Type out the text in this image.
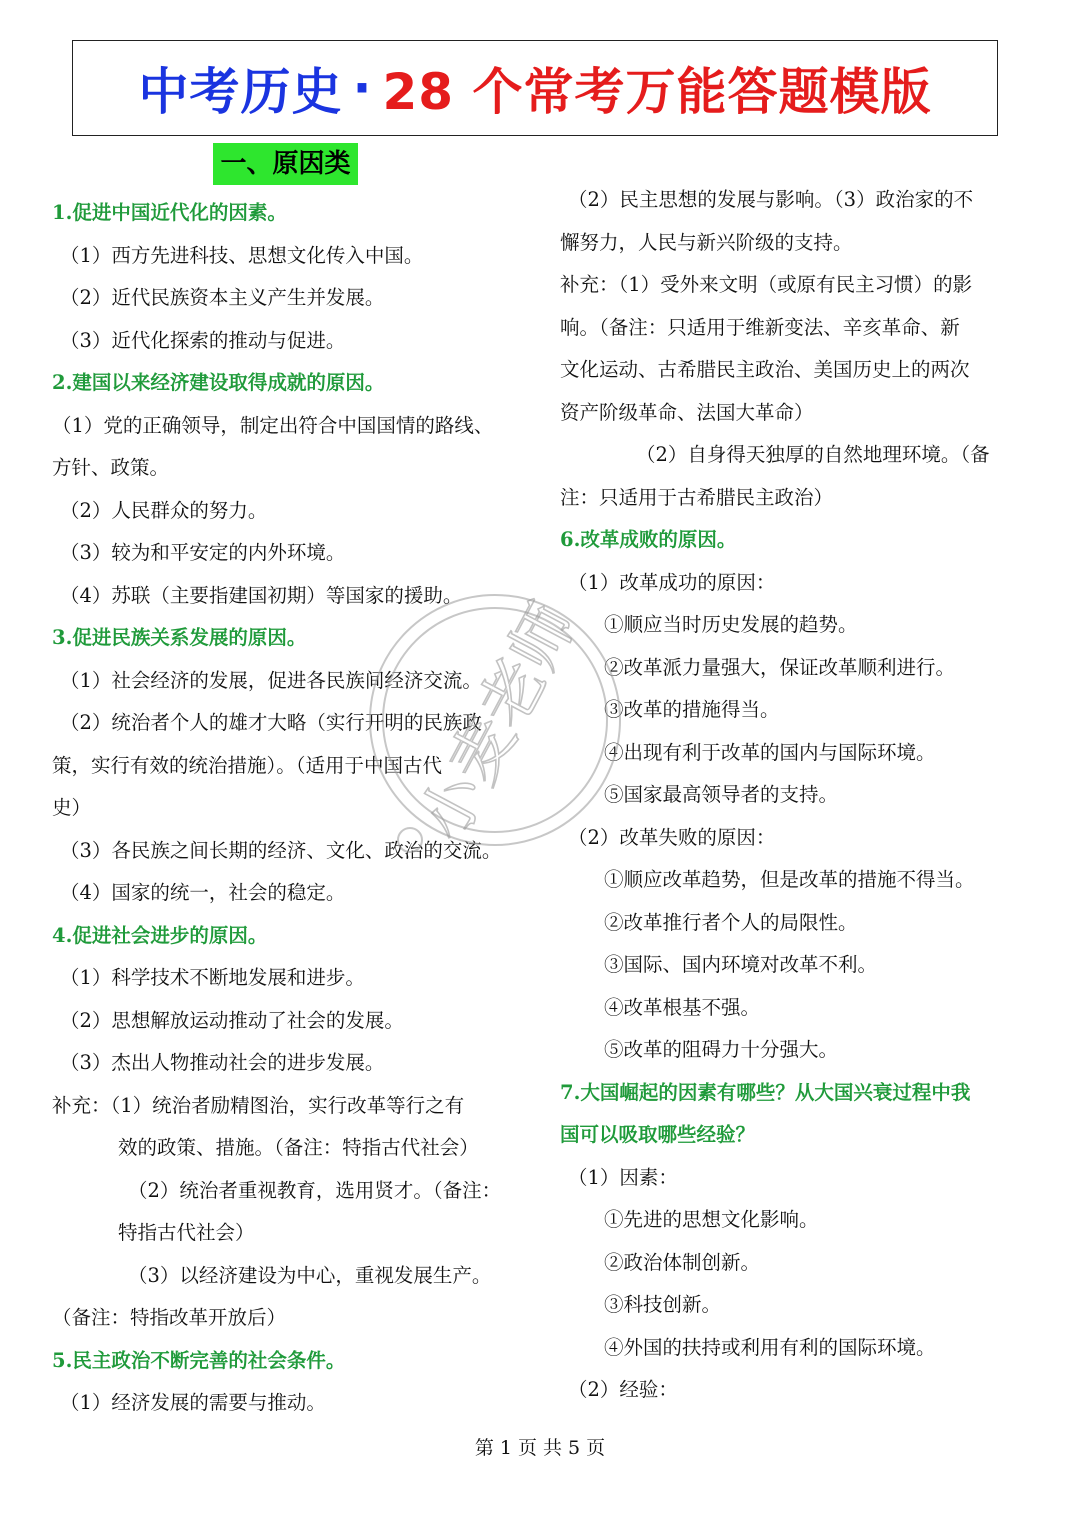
中考历史 · 28 个常考万能答题模版
一、原因类
1.促进中国近代化的因素。
（1）西方先进科技、思想文化传入中国。
（2）近代民族资本主义产生并发展。
（3）近代化探索的推动与促进。
2.建国以来经济建设取得成就的原因。
（1）党的正确领导，制定出符合中国国情的路线、
方针、政策。
（2）人民群众的努力。
（3）较为和平安定的内外环境。
（4）苏联（主要指建国初期）等国家的援助。
3.促进民族关系发展的原因。
（1）社会经济的发展，促进各民族间经济交流。
（2）统治者个人的雄才大略（实行开明的民族政
策，实行有效的统治措施）。（适用于中国古代
史）
（3）各民族之间长期的经济、文化、政治的交流。
（4）国家的统一，社会的稳定。
4.促进社会进步的原因。
（1）科学技术不断地发展和进步。
（2）思想解放运动推动了社会的发展。
（3）杰出人物推动社会的进步发展。
补充：（1）统治者励精图治，实行改革等行之有
效的政策、措施。（备注：特指古代社会）
（2）统治者重视教育，选用贤才。（备注：
特指古代社会）
（3）以经济建设为中心，重视发展生产。
（备注：特指改革开放后）
5.民主政治不断完善的社会条件。
（1）经济发展的需要与推动。
（2）民主思想的发展与影响。（3）政治家的不
懈努力，人民与新兴阶级的支持。
补充：（1）受外来文明（或原有民主习惯）的影
响。（备注：只适用于维新变法、辛亥革命、新
文化运动、古希腊民主政治、美国历史上的两次
资产阶级革命、法国大革命）
（2）自身得天独厚的自然地理环境。（备
注：只适用于古希腊民主政治）
6.改革成败的原因。
（1）改革成功的原因：
①顺应当时历史发展的趋势。
②改革派力量强大，保证改革顺利进行。
③改革的措施得当。
④出现有利于改革的国内与国际环境。
⑤国家最高领导者的支持。
（2）改革失败的原因：
①顺应改革趋势，但是改革的措施不得当。
②改革推行者个人的局限性。
③国际、国内环境对改革不利。
④改革根基不强。
⑤改革的阻碍力十分强大。
7.大国崛起的因素有哪些？从大国兴衰过程中我
国可以吸取哪些经验？
（1）因素：
①先进的思想文化影响。
②政治体制创新。
③科技创新。
④外国的扶持或利用有利的国际环境。
（2）经验：
小麦老师
第 1 页 共 5 页
